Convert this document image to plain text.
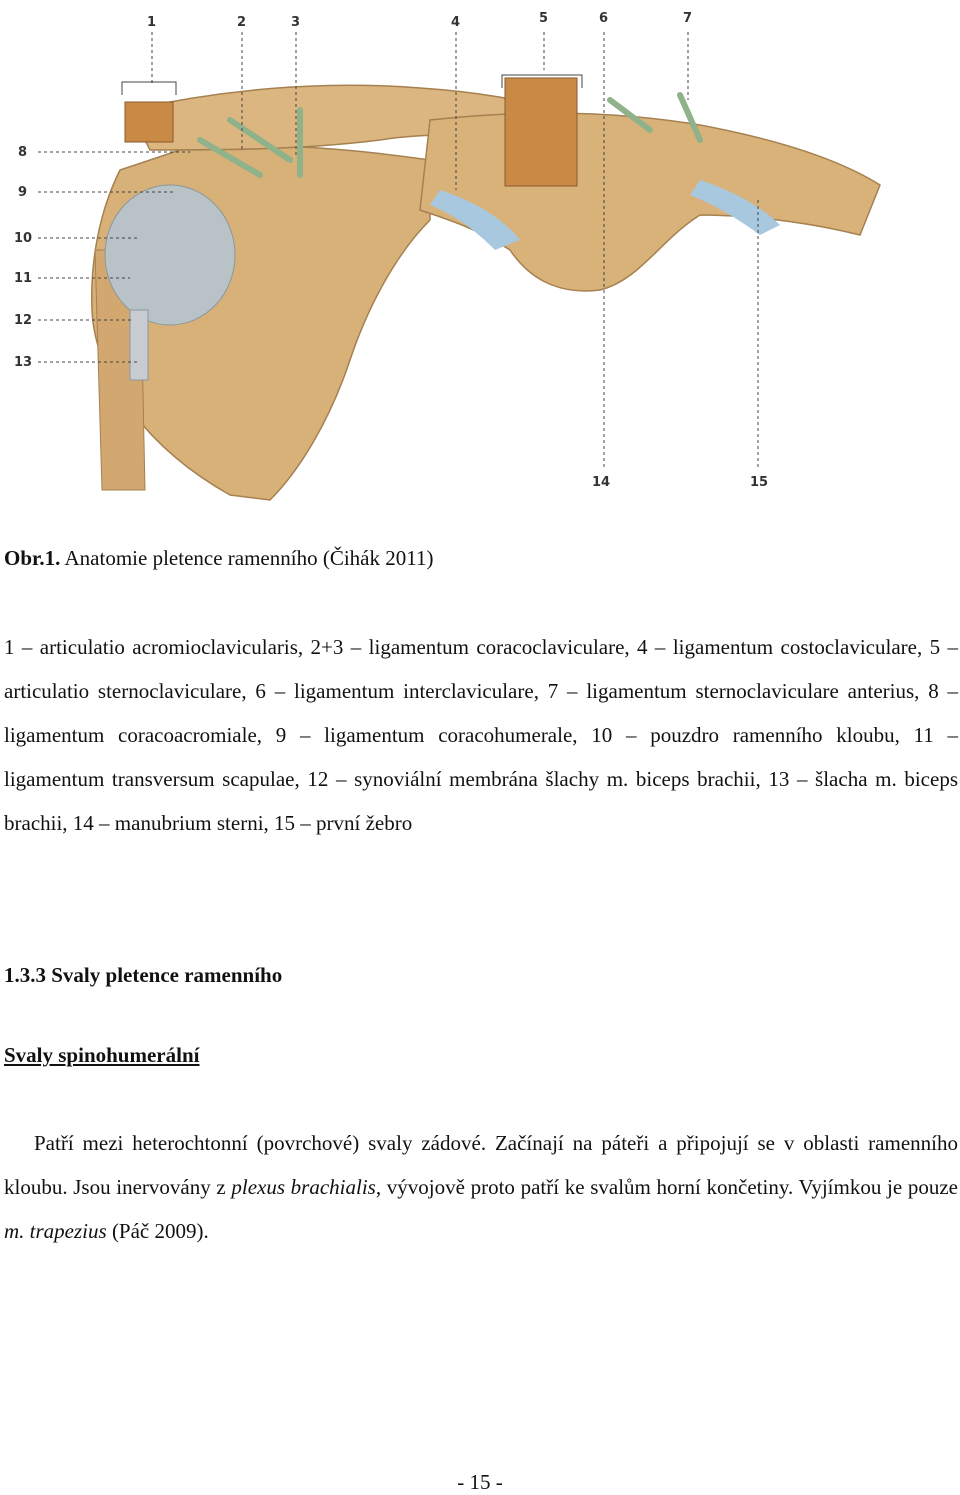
1	2	3	4	5	6	7
8
9
10
11
12
13
14	15
Obr.1. Anatomie pletence ramenního (Čihák 2011)
1 – articulatio acromioclavicularis, 2+3 – ligamentum coracoclaviculare, 4 – ligamentum costoclaviculare, 5 – articulatio sternoclaviculare, 6 – ligamentum interclaviculare, 7 – ligamentum sternoclaviculare anterius, 8 – ligamentum coracoacromiale, 9 – ligamentum coracohumerale, 10 – pouzdro ramenního kloubu, 11 – ligamentum transversum scapulae, 12 – synoviální membrána šlachy m. biceps brachii, 13 – šlacha m. biceps brachii, 14 – manubrium sterni, 15 – první žebro
1.3.3 Svaly pletence ramenního
Svaly spinohumerální
Patří mezi heterochtonní (povrchové) svaly zádové. Začínají na páteři a připojují se v oblasti ramenního kloubu. Jsou inervovány z plexus brachialis, vývojově proto patří ke svalům horní končetiny. Vyjímkou je pouze m. trapezius (Páč 2009).
- 15 -
